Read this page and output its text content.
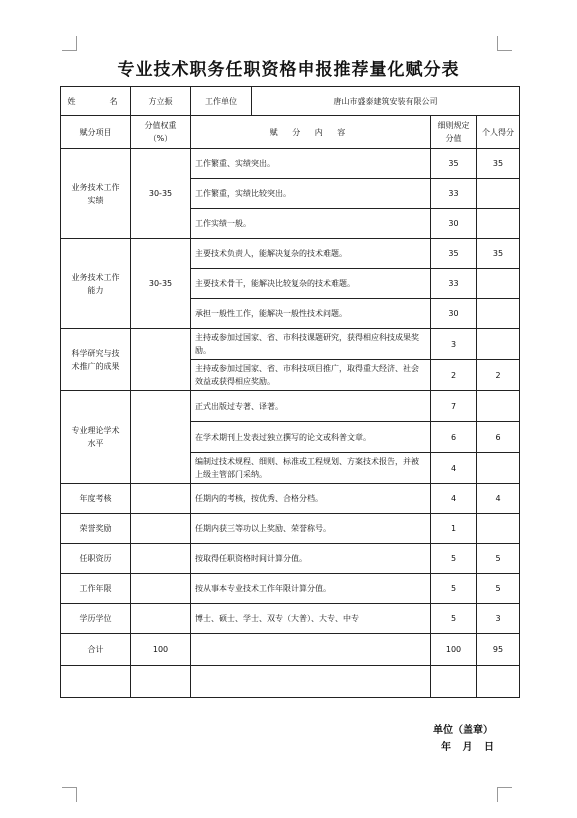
专业技术职务任职资格申报推荐量化赋分表
姓　　名	方立振	工作单位 唐山市盛泰建筑安装有限公司		

赋分项目	分值权重（%）	赋 分 内 容	细则规定分值	个人得分
业务技术工作实绩	30-35	工作繁重、实绩突出。	35	35
		工作繁重，实绩比较突出。	33	
		工作实绩一般。	30	
业务技术工作能力	30-35	主要技术负责人，能解决复杂的技术难题。	35	35
		主要技术骨干，能解决比较复杂的技术难题。	33	
		承担一般性工作，能解决一般性技术问题。	30	
科学研究与技术推广的成果		主持或参加过国家、省、市科技课题研究，获得相应科技成果奖励。	3	
		主持或参加过国家、省、市科技项目推广，取得重大经济、社会效益或获得相应奖励。	2	2
专业理论学术水平		正式出版过专著、译著。	7	
		在学术期刊上发表过独立撰写的论文或科普文章。	6	6
		编制过技术规程、细则、标准或工程规划、方案技术报告，并被上级主管部门采纳。	4	
年度考核		任期内的考核，按优秀、合格分档。	4	4
荣誉奖励		任期内获三等功以上奖励、荣誉称号。	1	
任职资历		按取得任职资格时间计算分值。	5	5
工作年限		按从事本专业技术工作年限计算分值。	5	5
学历学位		博士、硕士、学士、双专（大普）、大专、中专	5	3
合计	100		100	95

单位（盖章）
年 月 日
